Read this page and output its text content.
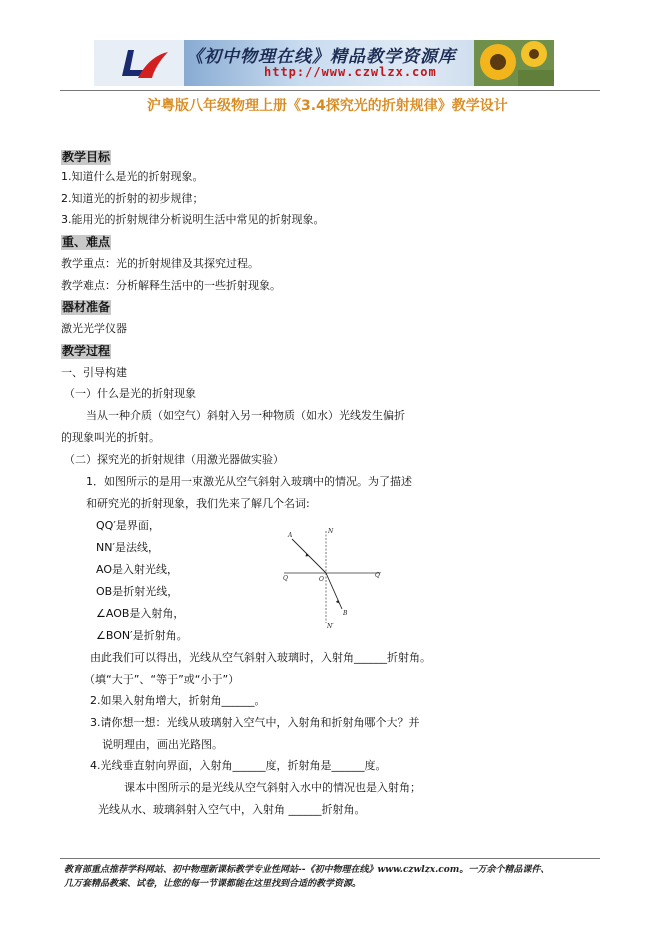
《初中物理在线》精品教学资源库
http://www.czwlzx.com
沪粤版八年级物理上册《3.4探究光的折射规律》教学设计
教学目标
1.知道什么是光的折射现象。
2.知道光的折射的初步规律；
3.能用光的折射规律分析说明生活中常见的折射现象。
重、难点
教学重点：光的折射规律及其探究过程。
教学难点：分析解释生活中的一些折射现象。
器材准备
激光光学仪器
教学过程
一、引导构建
（一）什么是光的折射现象
当从一种介质（如空气）斜射入另一种物质（如水）光线发生偏折
的现象叫光的折射。
（二）探究光的折射规律（用激光器做实验）
1．如图所示的是用一束激光从空气斜射入玻璃中的情况。为了描述
和研究光的折射现象，我们先来了解几个名词:
QQ′是界面，
NN′是法线，
AO是入射光线，
OB是折射光线，
∠AOB是入射角，
∠BON′是折射角。
由此我们可以得出，光线从空气斜射入玻璃时，入射角______折射角。
（填“大于”、“等于”或“小于”）
2.如果入射角增大，折射角______。
3.请你想一想：光线从玻璃射入空气中，入射角和折射角哪个大？并
说明理由，画出光路图。
4.光线垂直射向界面，入射角______度，折射角是______度。
课本中图所示的是光线从空气斜射入水中的情况也是入射角；
光线从水、玻璃斜射入空气中，入射角 ______折射角。
A
N
Q	O
Q′
B
N′
教育部重点推荐学科网站、初中物理新课标教学专业性网站--《初中物理在线》www.czwlzx.com。一万余个精品课件、
几万套精品教案、试卷，让您的每一节课都能在这里找到合适的教学资源。
